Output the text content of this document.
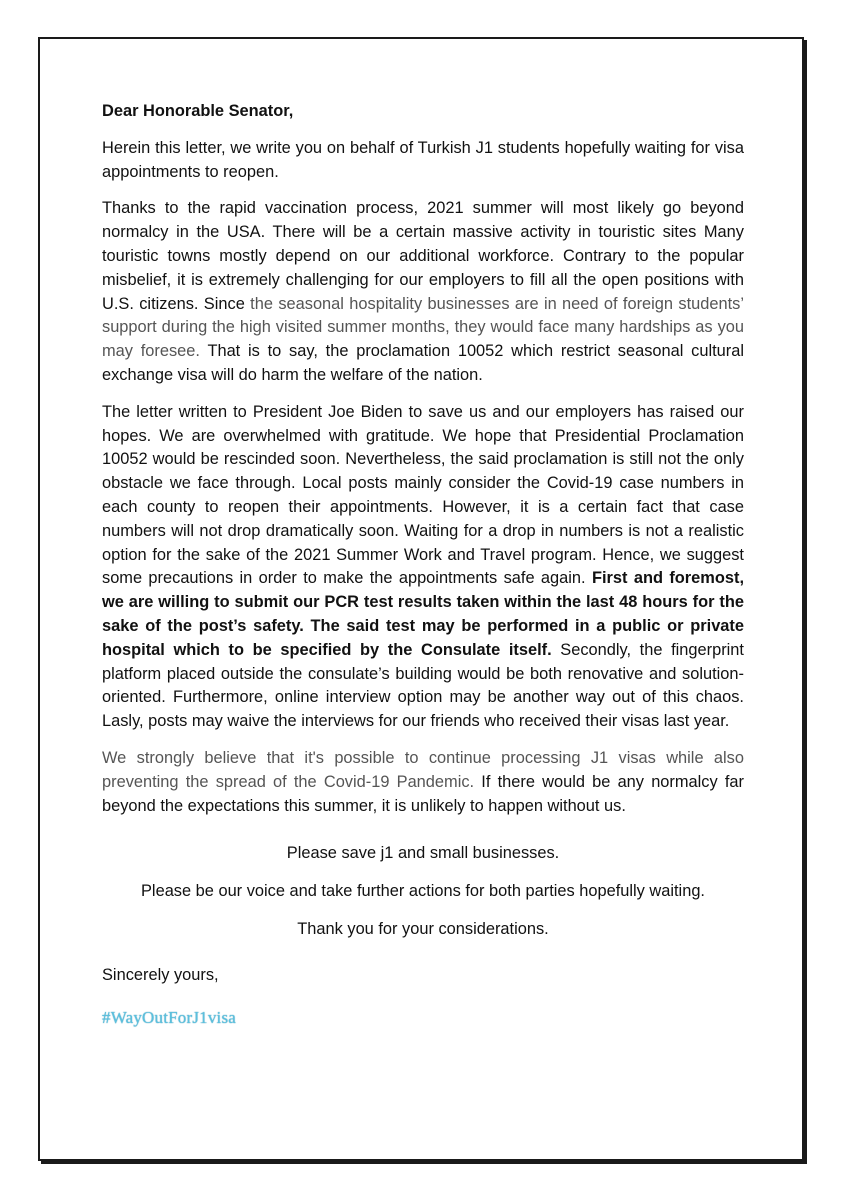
Dear Honorable Senator,

Herein this letter, we write you on behalf of Turkish J1 students hopefully waiting for visa appointments to reopen.

Thanks to the rapid vaccination process, 2021 summer will most likely go beyond normalcy in the USA. There will be a certain massive activity in touristic sites Many touristic towns mostly depend on our additional workforce. Contrary to the popular misbelief, it is extremely challenging for our employers to fill all the open positions with U.S. citizens. Since the seasonal hospitality businesses are in need of foreign students’ support during the high visited summer months, they would face many hardships as you may foresee. That is to say, the proclamation 10052 which restrict seasonal cultural exchange visa will do harm the welfare of the nation.

The letter written to President Joe Biden to save us and our employers has raised our hopes. We are overwhelmed with gratitude. We hope that Presidential Proclamation 10052 would be rescinded soon. Nevertheless, the said proclamation is still not the only obstacle we face through. Local posts mainly consider the Covid-19 case numbers in each county to reopen their appointments. However, it is a certain fact that case numbers will not drop dramatically soon. Waiting for a drop in numbers is not a realistic option for the sake of the 2021 Summer Work and Travel program. Hence, we suggest some precautions in order to make the appointments safe again. First and foremost, we are willing to submit our PCR test results taken within the last 48 hours for the sake of the post’s safety. The said test may be performed in a public or private hospital which to be specified by the Consulate itself. Secondly, the fingerprint platform placed outside the consulate’s building would be both renovative and solution-oriented. Furthermore, online interview option may be another way out of this chaos. Lasly, posts may waive the interviews for our friends who received their visas last year.

We strongly believe that it's possible to continue processing J1 visas while also preventing the spread of the Covid-19 Pandemic. If there would be any normalcy far beyond the expectations this summer, it is unlikely to happen without us.

Please save j1 and small businesses.

Please be our voice and take further actions for both parties hopefully waiting.

Thank you for your considerations.

Sincerely yours,

#WayOutForJ1visa
